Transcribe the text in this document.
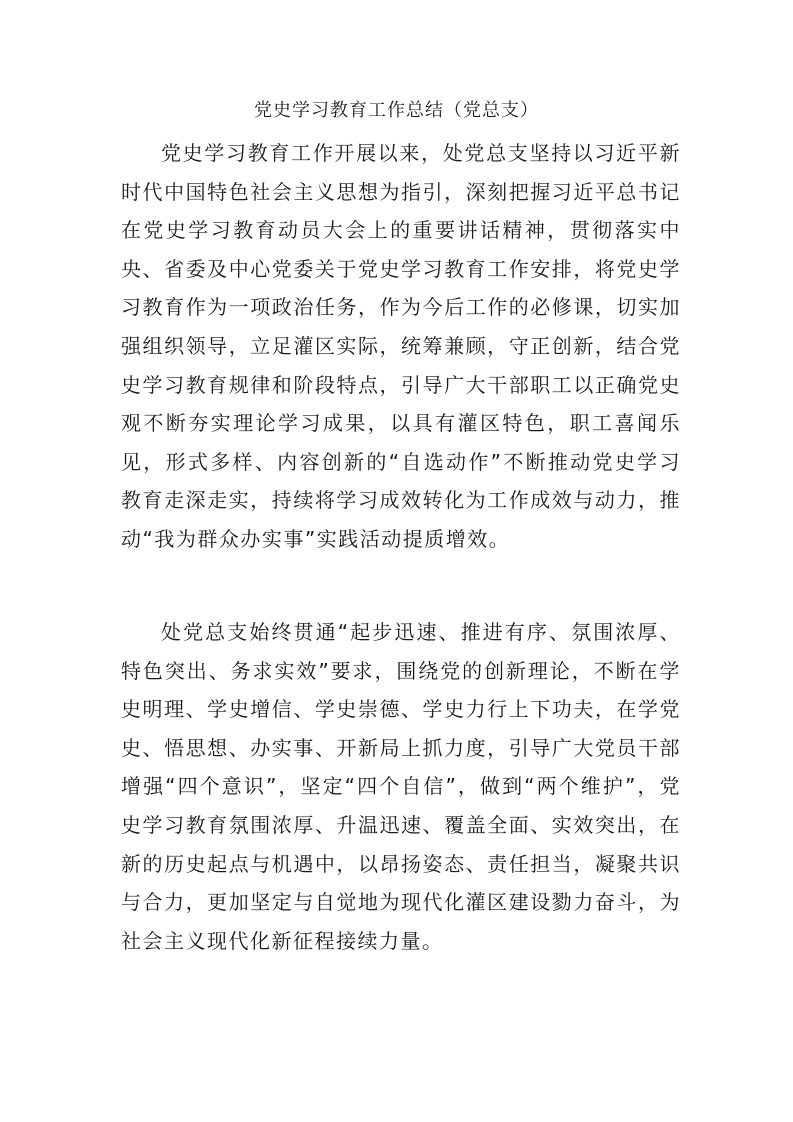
党史学习教育工作总结（党总支）

党史学习教育工作开展以来，处党总支坚持以习近平新时代中国特色社会主义思想为指引，深刻把握习近平总书记在党史学习教育动员大会上的重要讲话精神，贯彻落实中央、省委及中心党委关于党史学习教育工作安排，将党史学习教育作为一项政治任务，作为今后工作的必修课，切实加强组织领导，立足灌区实际，统筹兼顾，守正创新，结合党史学习教育规律和阶段特点，引导广大干部职工以正确党史观不断夯实理论学习成果，以具有灌区特色，职工喜闻乐见，形式多样、内容创新的“自选动作”不断推动党史学习教育走深走实，持续将学习成效转化为工作成效与动力，推动“我为群众办实事”实践活动提质增效。

处党总支始终贯通“起步迅速、推进有序、氛围浓厚、特色突出、务求实效”要求，围绕党的创新理论，不断在学史明理、学史增信、学史崇德、学史力行上下功夫，在学党史、悟思想、办实事、开新局上抓力度，引导广大党员干部增强“四个意识”，坚定“四个自信”，做到“两个维护”，党史学习教育氛围浓厚、升温迅速、覆盖全面、实效突出，在新的历史起点与机遇中，以昂扬姿态、责任担当，凝聚共识与合力，更加坚定与自觉地为现代化灌区建设勠力奋斗，为社会主义现代化新征程接续力量。
